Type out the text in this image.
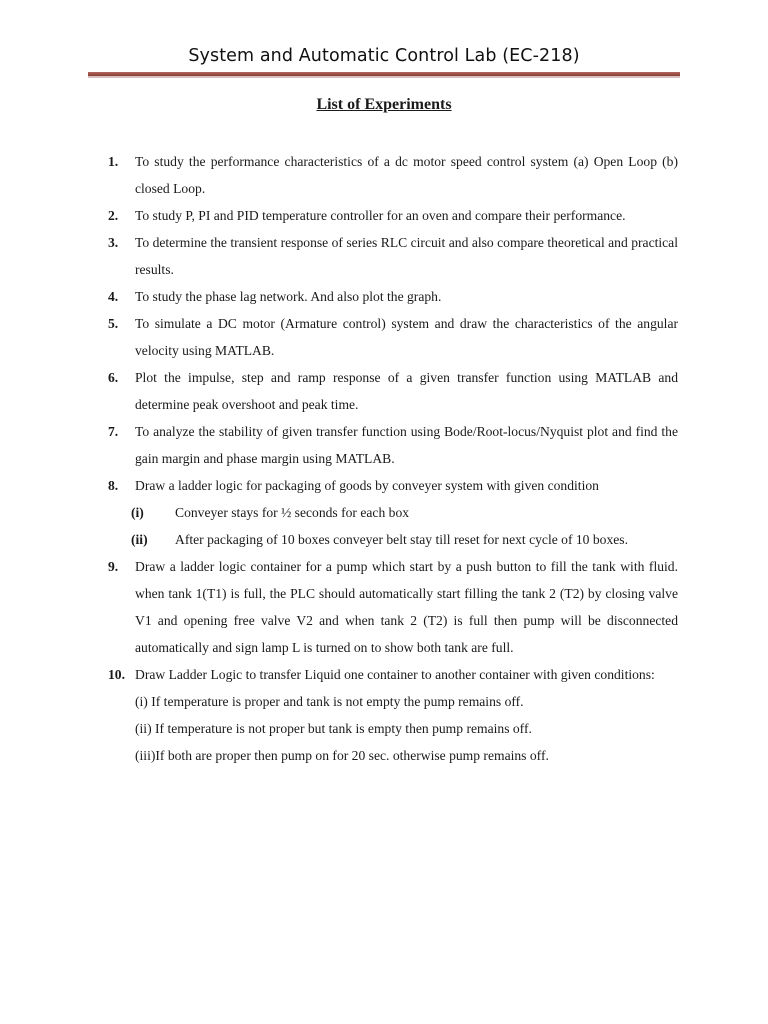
System and Automatic Control Lab (EC-218)
List of Experiments
1. To study the performance characteristics of a dc motor speed control system (a) Open Loop (b) closed Loop.
2. To study P, PI and PID temperature controller for an oven and compare their performance.
3. To determine the transient response of series RLC circuit and also compare theoretical and practical results.
4. To study the phase lag network. And also plot the graph.
5. To simulate a DC motor (Armature control) system and draw the characteristics of the angular velocity using MATLAB.
6. Plot the impulse, step and ramp response of a given transfer function using MATLAB and determine peak overshoot and peak time.
7. To analyze the stability of given transfer function using Bode/Root-locus/Nyquist plot and find the gain margin and phase margin using MATLAB.
8. Draw a ladder logic for packaging of goods by conveyer system with given condition
(i) Conveyer stays for ½ seconds for each box
(ii) After packaging of 10 boxes conveyer belt stay till reset for next cycle of 10 boxes.
9. Draw a ladder logic container for a pump which start by a push button to fill the tank with fluid. when tank 1(T1) is full, the PLC should automatically start filling the tank 2 (T2) by closing valve V1 and opening free valve V2 and when tank 2 (T2) is full then pump will be disconnected automatically and sign lamp L is turned on to show both tank are full.
10. Draw Ladder Logic to transfer Liquid one container to another container with given conditions:
(i) If temperature is proper and tank is not empty the pump remains off.
(ii) If temperature is not proper but tank is empty then pump remains off.
(iii)If both are proper then pump on for 20 sec. otherwise pump remains off.
